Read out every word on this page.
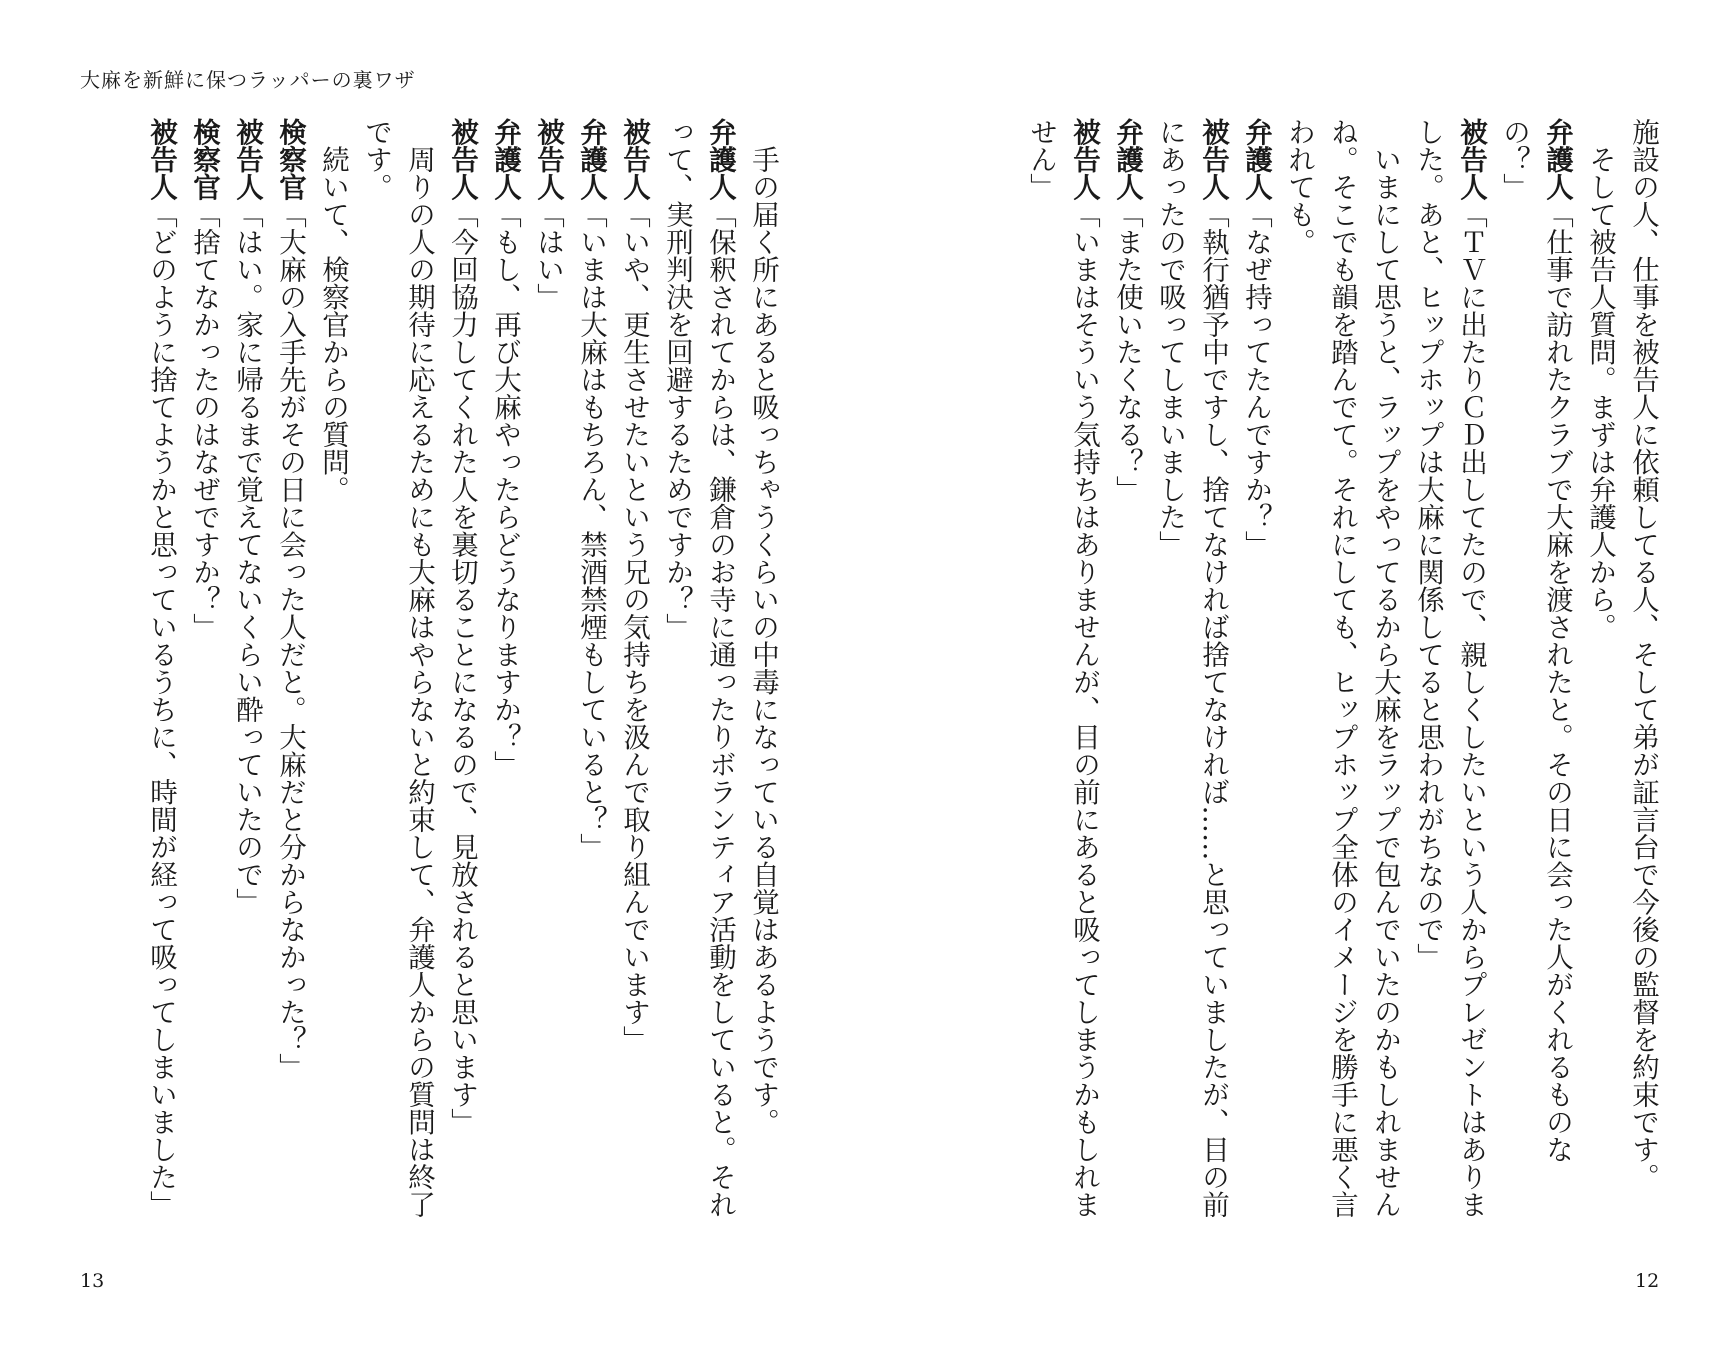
大麻を新鮮に保つラッパーの裏ワザ
施設の人、仕事を被告人に依頼してる人、そして弟が証言台で今後の監督を約束です。
　そして被告人質問。まずは弁護人から。
弁護人「仕事で訪れたクラブで大麻を渡されたと。その日に会った人がくれるものな
の？」
被告人「ＴＶに出たりＣＤ出してたので、親しくしたいという人からプレゼントはありま
した。あと、ヒップホップは大麻に関係してると思われがちなので」
　いまにして思うと、ラップをやってるから大麻をラップで包んでいたのかもしれません
ね。そこでも韻を踏んでて。それにしても、ヒップホップ全体のイメージを勝手に悪く言
われても。
弁護人「なぜ持ってたんですか？」
被告人「執行猶予中ですし、捨てなければ捨てなければ……と思っていましたが、目の前
にあったので吸ってしまいました」
弁護人「また使いたくなる？」
被告人「いまはそういう気持ちはありませんが、目の前にあると吸ってしまうかもしれま
せん」
　手の届く所にあると吸っちゃうくらいの中毒になっている自覚はあるようです。
弁護人「保釈されてからは、鎌倉のお寺に通ったりボランティア活動をしていると。それ
って、実刑判決を回避するためですか？」
被告人「いや、更生させたいという兄の気持ちを汲んで取り組んでいます」
弁護人「いまは大麻はもちろん、禁酒禁煙もしていると？」
被告人「はい」
弁護人「もし、再び大麻やったらどうなりますか？」
被告人「今回協力してくれた人を裏切ることになるので、見放されると思います」
　周りの人の期待に応えるためにも大麻はやらないと約束して、弁護人からの質問は終了
です。
　続いて、検察官からの質問。
検察官「大麻の入手先がその日に会った人だと。大麻だと分からなかった？」
被告人「はい。家に帰るまで覚えてないくらい酔っていたので」
検察官「捨てなかったのはなぜですか？」
被告人「どのように捨てようかと思っているうちに、時間が経って吸ってしまいました」
13	12
